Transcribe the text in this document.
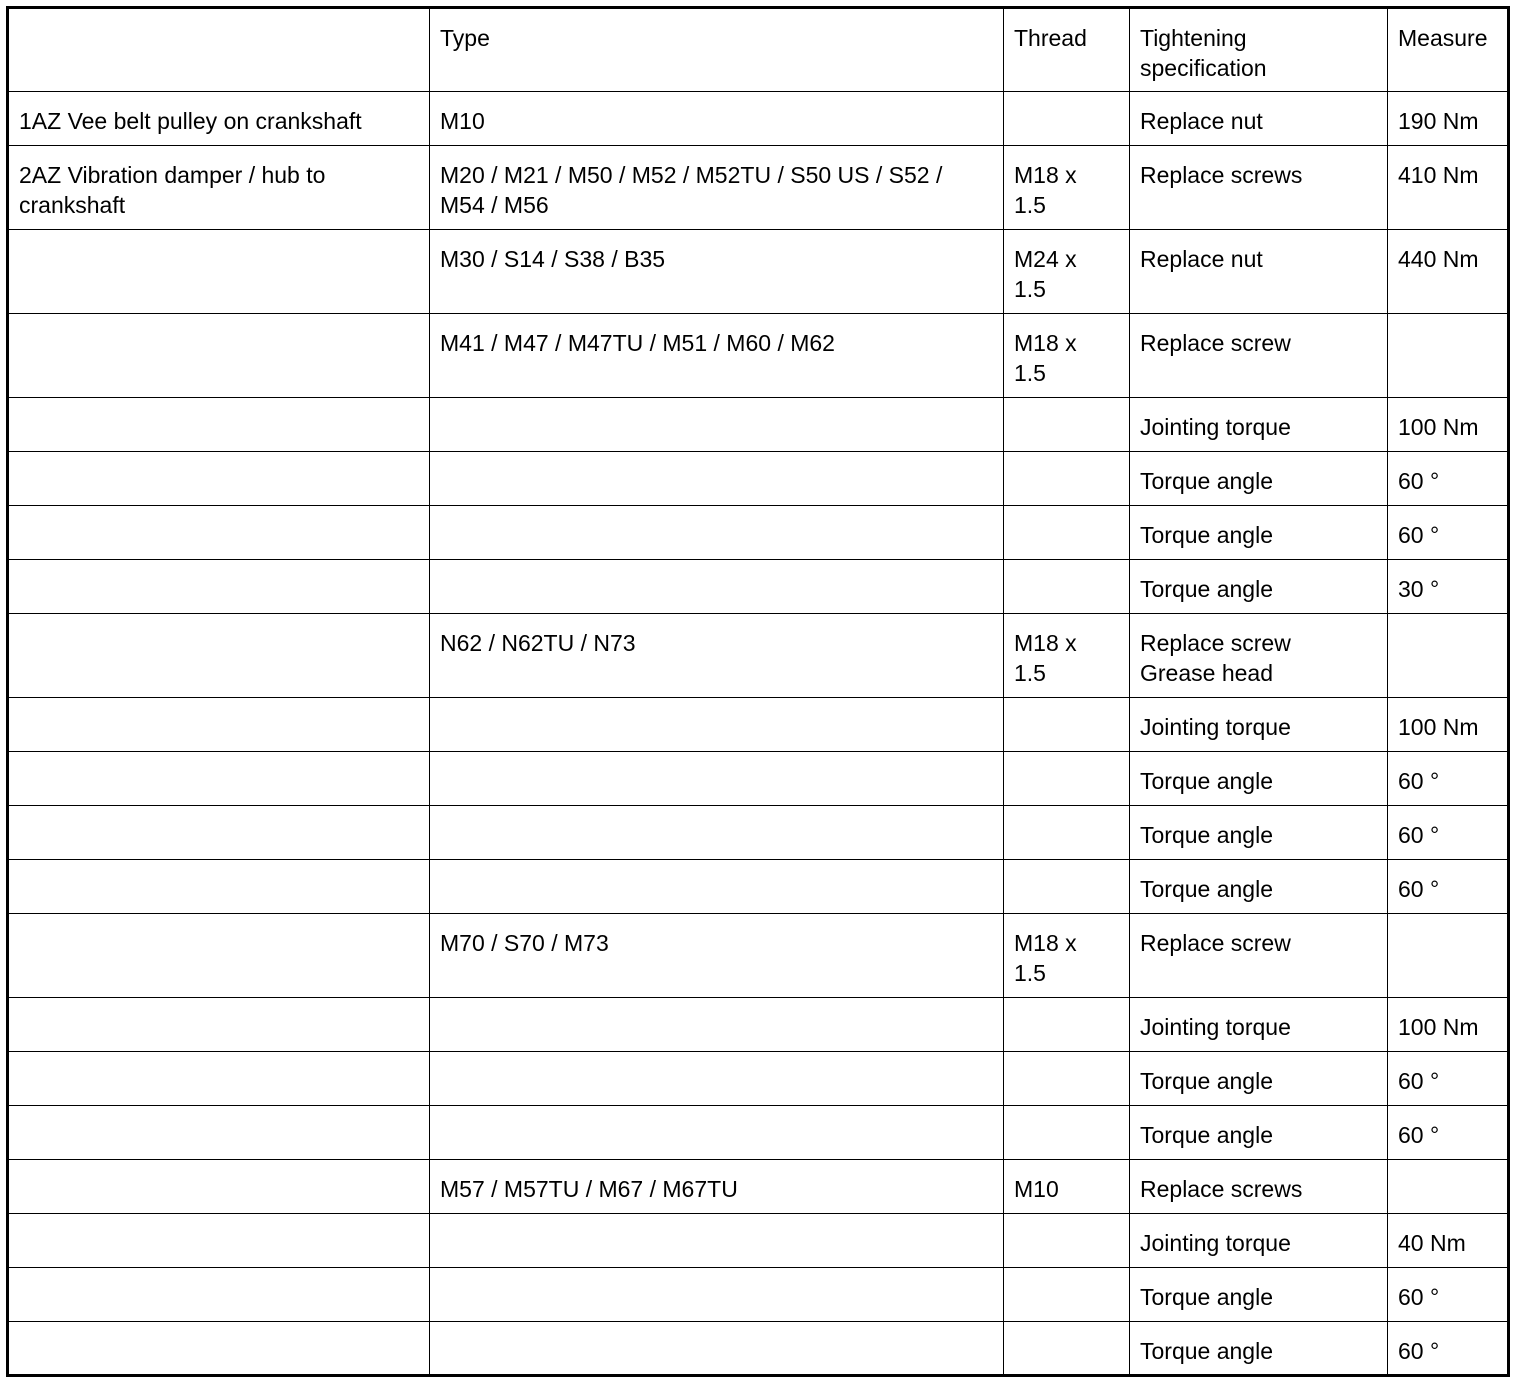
	Type	Thread	Tightening
specification	Measure

1AZ Vee belt pulley on crankshaft	M10		Replace nut	190 Nm

2AZ Vibration damper / hub to crankshaft	M20 / M21 / M50 / M52 / M52TU / S50 US / S52 / M54 / M56	M18 x
1.5	Replace screws	410 Nm

	M30 / S14 / S38 / B35	M24 x
1.5	Replace nut	440 Nm

	M41 / M47 / M47TU / M51 / M60 / M62	M18 x
1.5	Replace screw	

			Jointing torque	100 Nm

			Torque angle	60 °

			Torque angle	60 °

			Torque angle	30 °

	N62 / N62TU / N73	M18 x
1.5	Replace screw
Grease head	

			Jointing torque	100 Nm

			Torque angle	60 °

			Torque angle	60 °

			Torque angle	60 °

	M70 / S70 / M73	M18 x
1.5	Replace screw	

			Jointing torque	100 Nm

			Torque angle	60 °

			Torque angle	60 °

	M57 / M57TU / M67 / M67TU	M10	Replace screws	

			Jointing torque	40 Nm

			Torque angle	60 °

			Torque angle	60 °
